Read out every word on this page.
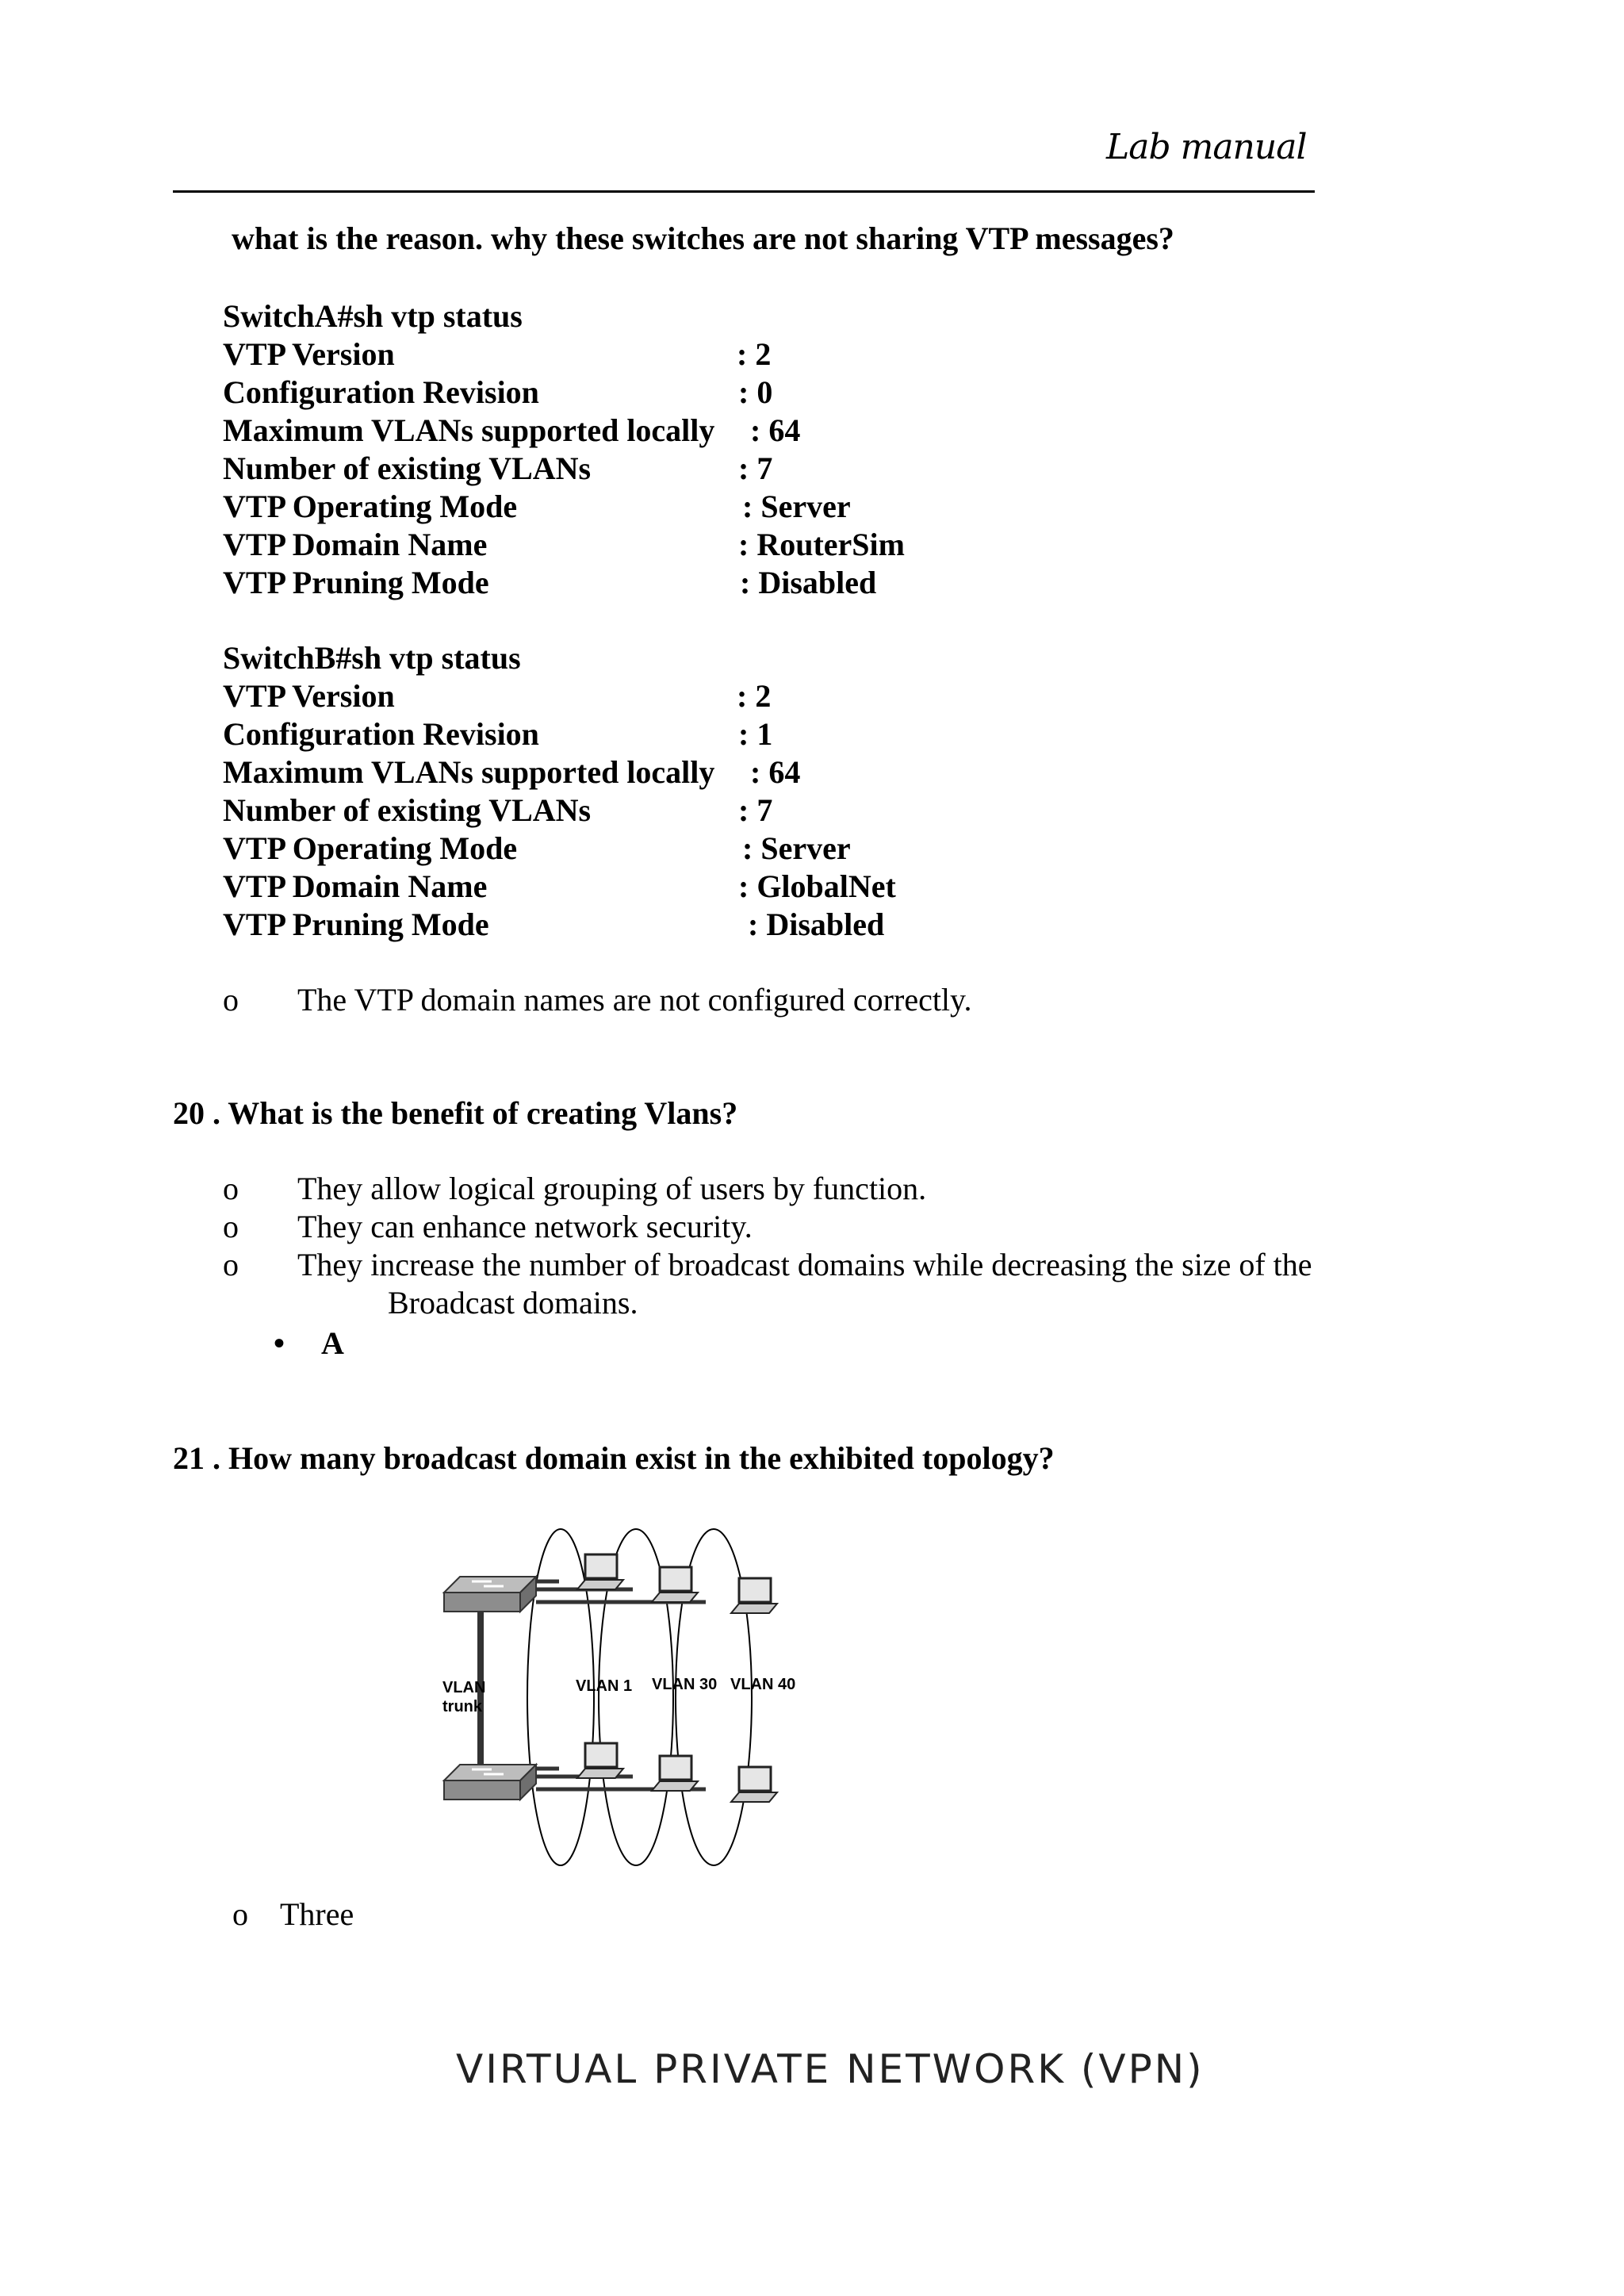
Lab manual
what is the reason. why these switches are not sharing VTP messages?
SwitchA#sh vtp status
VTP Version	: 2
Configuration Revision	: 0
Maximum VLANs supported locally : 64
Number of existing VLANs	: 7
VTP Operating Mode	: Server
VTP Domain Name	: RouterSim
VTP Pruning Mode	: Disabled
SwitchB#sh vtp status
VTP Version	: 2
Configuration Revision	: 1
Maximum VLANs supported locally : 64
Number of existing VLANs	: 7
VTP Operating Mode	: Server
VTP Domain Name	: GlobalNet
VTP Pruning Mode	: Disabled
o The VTP domain names are not configured correctly.
20 . What is the benefit of creating Vlans?
o They allow logical grouping of users by function.
o They can enhance network security.
o They increase the number of broadcast domains while decreasing the size of the
Broadcast domains.
• A
21 . How many broadcast domain exist in the exhibited topology?
VLAN
trunk
VLAN 1 VLAN 30 VLAN 40
o Three
VIRTUAL PRIVATE NETWORK (VPN)
